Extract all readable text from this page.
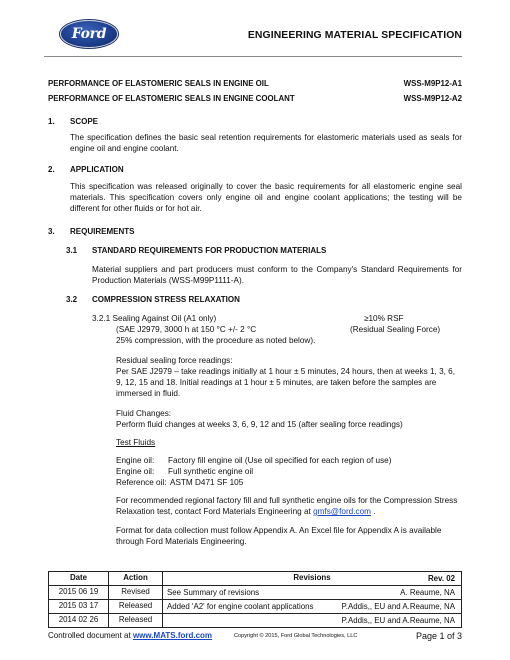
Ford	ENGINEERING MATERIAL SPECIFICATION
PERFORMANCE OF ELASTOMERIC SEALS IN ENGINE OIL	WSS-M9P12-A1
PERFORMANCE OF ELASTOMERIC SEALS IN ENGINE COOLANT	WSS-M9P12-A2
1. SCOPE
The specification defines the basic seal retention requirements for elastomeric materials used as seals for engine oil and engine coolant.
2. APPLICATION
This specification was released originally to cover the basic requirements for all elastomeric engine seal materials. This specification covers only engine oil and engine coolant applications; the testing will be different for other fluids or for hot air.
3. REQUIREMENTS
3.1 STANDARD REQUIREMENTS FOR PRODUCTION MATERIALS
Material suppliers and part producers must conform to the Company's Standard Requirements for Production Materials (WSS-M99P1111-A).
3.2 COMPRESSION STRESS RELAXATION
3.2.1 Sealing Against Oil (A1 only)	≥10% RSF
(SAE J2979, 3000 h at 150 °C +/- 2 °C	(Residual Sealing Force)
25% compression, with the procedure as noted below).
Residual sealing force readings:
Per SAE J2979 – take readings initially at 1 hour ± 5 minutes, 24 hours, then at weeks 1, 3, 6,
9, 12, 15 and 18. Initial readings at 1 hour ± 5 minutes, are taken before the samples are
immersed in fluid.
Fluid Changes:
Perform fluid changes at weeks 3, 6, 9, 12 and 15 (after sealing force readings)
Test Fluids
Engine oil: Factory fill engine oil (Use oil specified for each region of use)
Engine oil: Full synthetic engine oil
Reference oil: ASTM D471 SF 105
For recommended regional factory fill and full synthetic engine oils for the Compression Stress
Relaxation test, contact Ford Materials Engineering at gmfs@ford.com .
Format for data collection must follow Appendix A. An Excel file for Appendix A is available
through Ford Materials Engineering.
Date	Action	Revisions Rev. 02

2015 06 19	Revised	See Summary of revisions A. Reaume, NA

2015 03 17	Released	Added 'A2' for engine coolant applications P.Addis,, EU and A.Reaume, NA

2014 02 26	Released	P.Addis,, EU and A.Reaume, NA
Controlled document at www.MATS.ford.com	Copyright © 2015, Ford Global Technologies, LLC	Page 1 of 3
